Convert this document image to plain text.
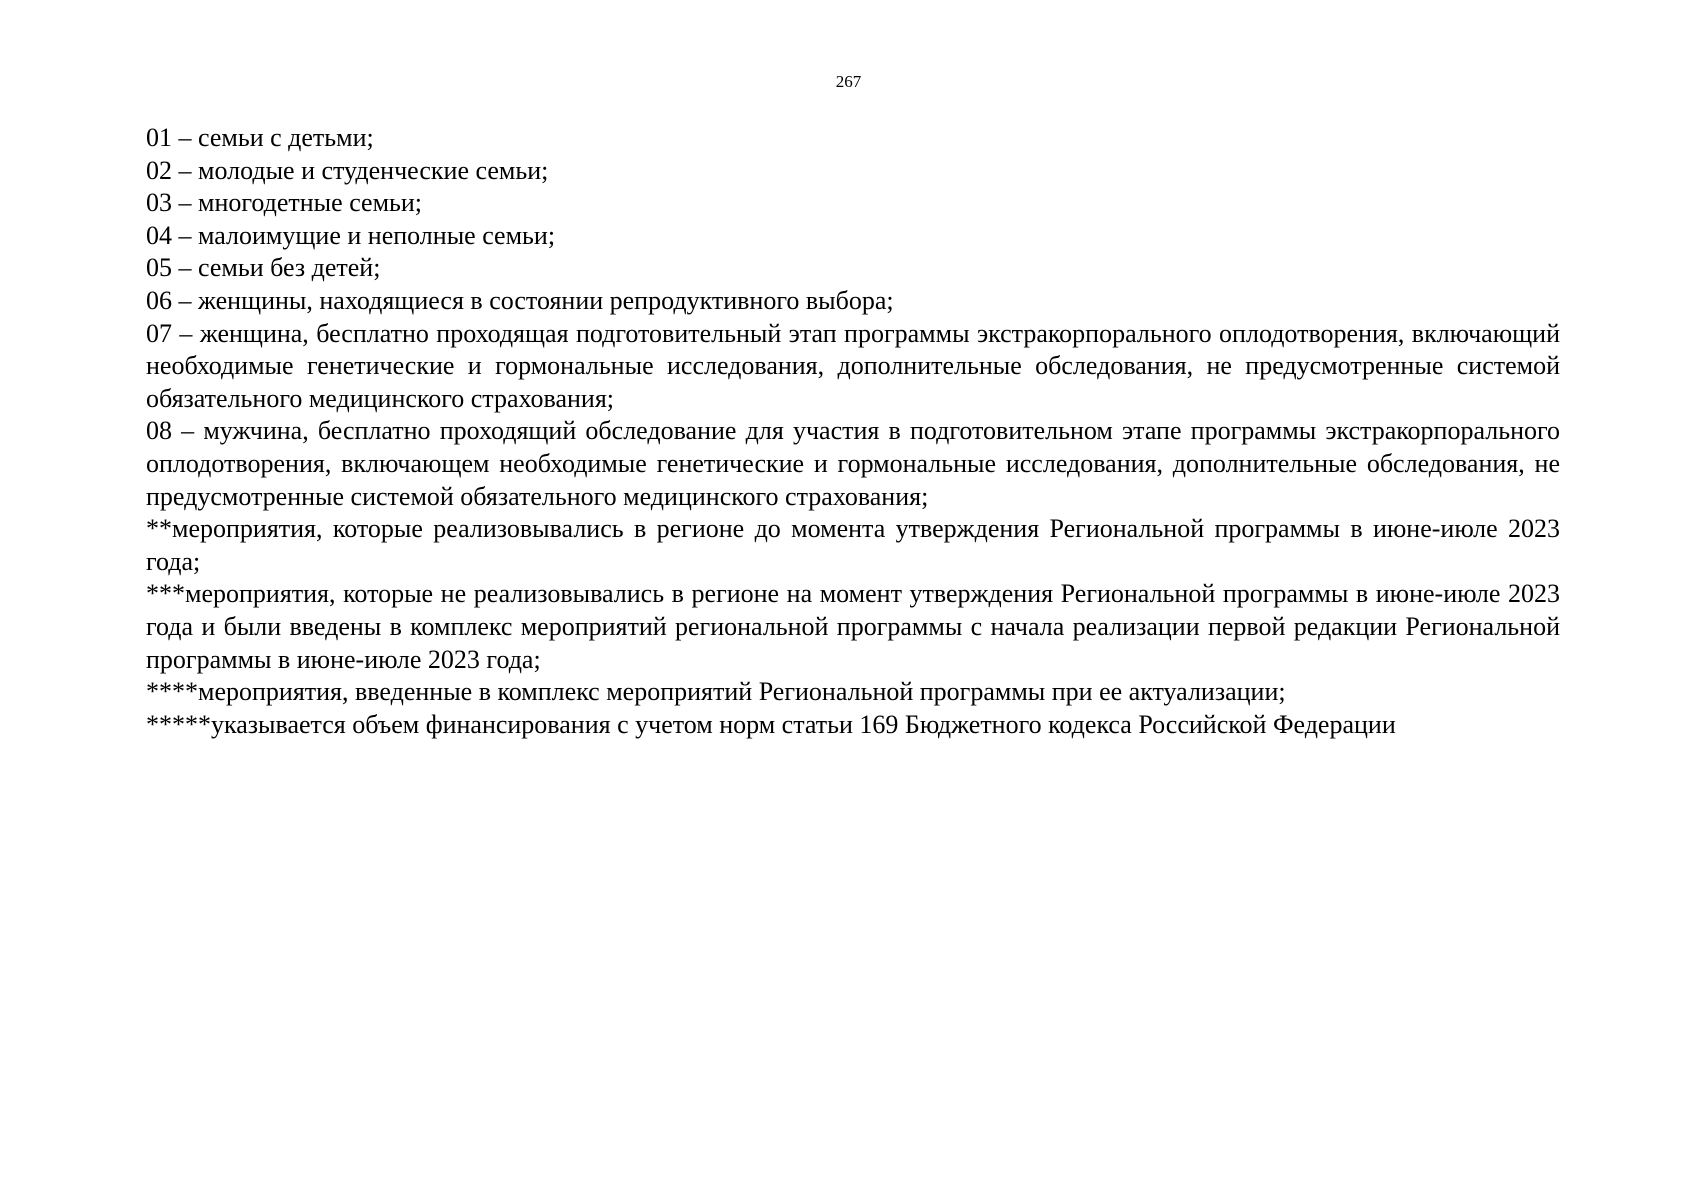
267

01 – семьи с детьми;

02 – молодые и студенческие семьи;

03 – многодетные семьи;

04 – малоимущие и неполные семьи;

05 – семьи без детей;

06 – женщины, находящиеся в состоянии репродуктивного выбора;

07 – женщина, бесплатно проходящая подготовительный этап программы экстракорпорального оплодотворения, включающий необходимые генетические и гормональные исследования, дополнительные обследования, не предусмотренные системой обязательного медицинского страхования;

08 – мужчина, бесплатно проходящий обследование для участия в подготовительном этапе программы экстракорпорального оплодотворения, включающем необходимые генетические и гормональные исследования, дополнительные обследования, не предусмотренные системой обязательного медицинского страхования;

**мероприятия, которые реализовывались в регионе до момента утверждения Региональной программы в июне-июле 2023 года;

***мероприятия, которые не реализовывались в регионе на момент утверждения Региональной программы в июне-июле 2023 года и были введены в комплекс мероприятий региональной программы с начала реализации первой редакции Региональной программы в июне-июле 2023 года;

****мероприятия, введенные в комплекс мероприятий Региональной программы при ее актуализации;

*****указывается объем финансирования с учетом норм статьи 169 Бюджетного кодекса Российской Федерации
